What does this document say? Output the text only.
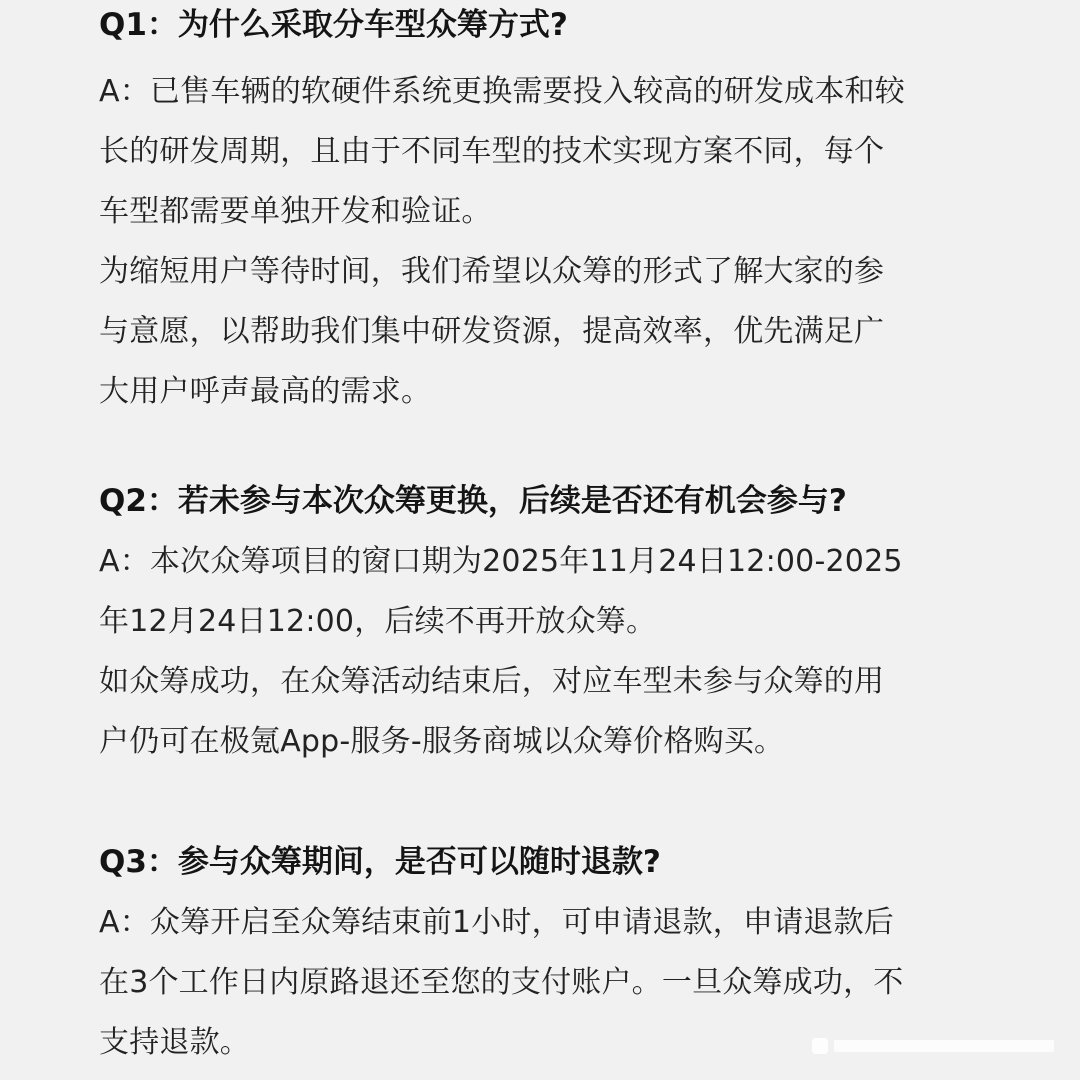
Q1：为什么采取分车型众筹方式?

A：已售车辆的软硬件系统更换需要投入较高的研发成本和较
长的研发周期，且由于不同车型的技术实现方案不同，每个
车型都需要单独开发和验证。

为缩短用户等待时间，我们希望以众筹的形式了解大家的参
与意愿，以帮助我们集中研发资源，提高效率，优先满足广
大用户呼声最高的需求。

Q2：若未参与本次众筹更换，后续是否还有机会参与?

A：本次众筹项目的窗口期为2025年11月24日12:00-2025
年12月24日12:00，后续不再开放众筹。

如众筹成功，在众筹活动结束后，对应车型未参与众筹的用
户仍可在极氪App-服务-服务商城以众筹价格购买。

Q3：参与众筹期间，是否可以随时退款?

A：众筹开启至众筹结束前1小时，可申请退款，申请退款后
在3个工作日内原路退还至您的支付账户。一旦众筹成功，不
支持退款。
